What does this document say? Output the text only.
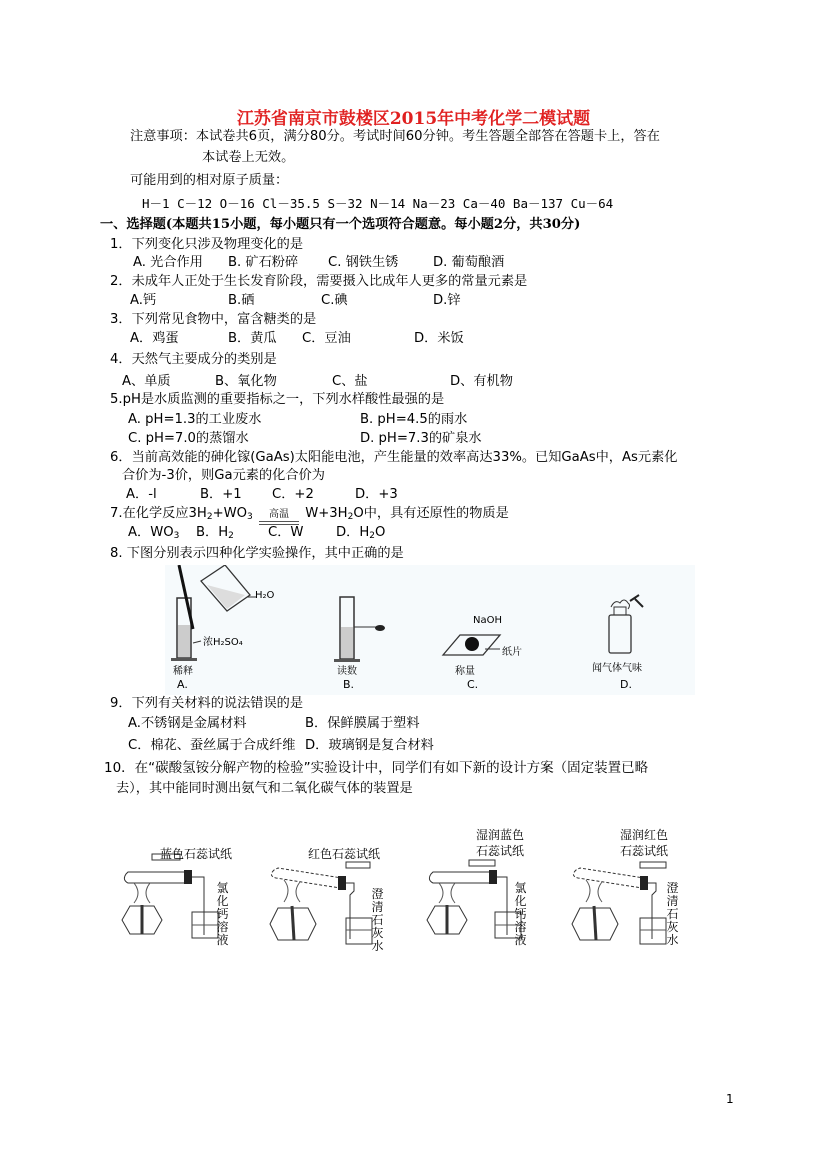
江苏省南京市鼓楼区2015年中考化学二模试题
注意事项：本试卷共6页，满分80分。考试时间60分钟。考生答题全部答在答题卡上，答在
本试卷上无效。
可能用到的相对原子质量：
H－1 C－12 O－16 Cl－35.5 S－32 N－14 Na－23 Ca－40 Ba－137 Cu－64
一、选择题(本题共15小题，每小题只有一个选项符合题意。每小题2分，共30分)
1．下列变化只涉及物理变化的是
A. 光合作用 B. 矿石粉碎 C. 钢铁生锈	D. 葡萄酿酒
2．未成年人正处于生长发育阶段，需要摄入比成年人更多的常量元素是
A.钙	B.硒	C.碘	D.锌
3．下列常见食物中，富含糖类的是
A．鸡蛋	B．黄瓜 C．豆油	D．米饭
4．天然气主要成分的类别是
A、单质	B、氧化物	C、盐	D、有机物
5.pH是水质监测的重要指标之一，下列水样酸性最强的是
A. pH=1.3的工业废水	B. pH=4.5的雨水
C. pH=7.0的蒸馏水	D. pH=7.3的矿泉水
6．当前高效能的砷化镓(GaAs)太阳能电池，产生能量的效率高达33%。已知GaAs中，As元素化
合价为-3价，则Ga元素的化合价为
A．-l	B．+1 C．+2	D．+3
7.在化学反应$3H_2+WO_3$ 高温 $W+3H_2O$中，具有还原性的物质是
A．$WO_3$ B．$H_2$	C．W D．$H_2O$
8. 下图分别表示四种化学实验操作，其中正确的是
H₂O
浓H₂SO₄
稀释
A.
读数
B.
NaOH
纸片
称量
C.
闻气体气味
D.
9．下列有关材料的说法错误的是
A.不锈钢是金属材料	B．保鲜膜属于塑料
C．棉花、蚕丝属于合成纤维 D．玻璃钢是复合材料
10．在“碳酸氢铵分解产物的检验”实验设计中，同学们有如下新的设计方案（固定装置已略
去），其中能同时测出氨气和二氧化碳气体的装置是
蓝色石蕊试纸
氯化钙溶液
红色石蕊试纸
澄清石灰水
湿润蓝色
石蕊试纸
氯化钙溶液
湿润红色
石蕊试纸
澄清石灰水
1
